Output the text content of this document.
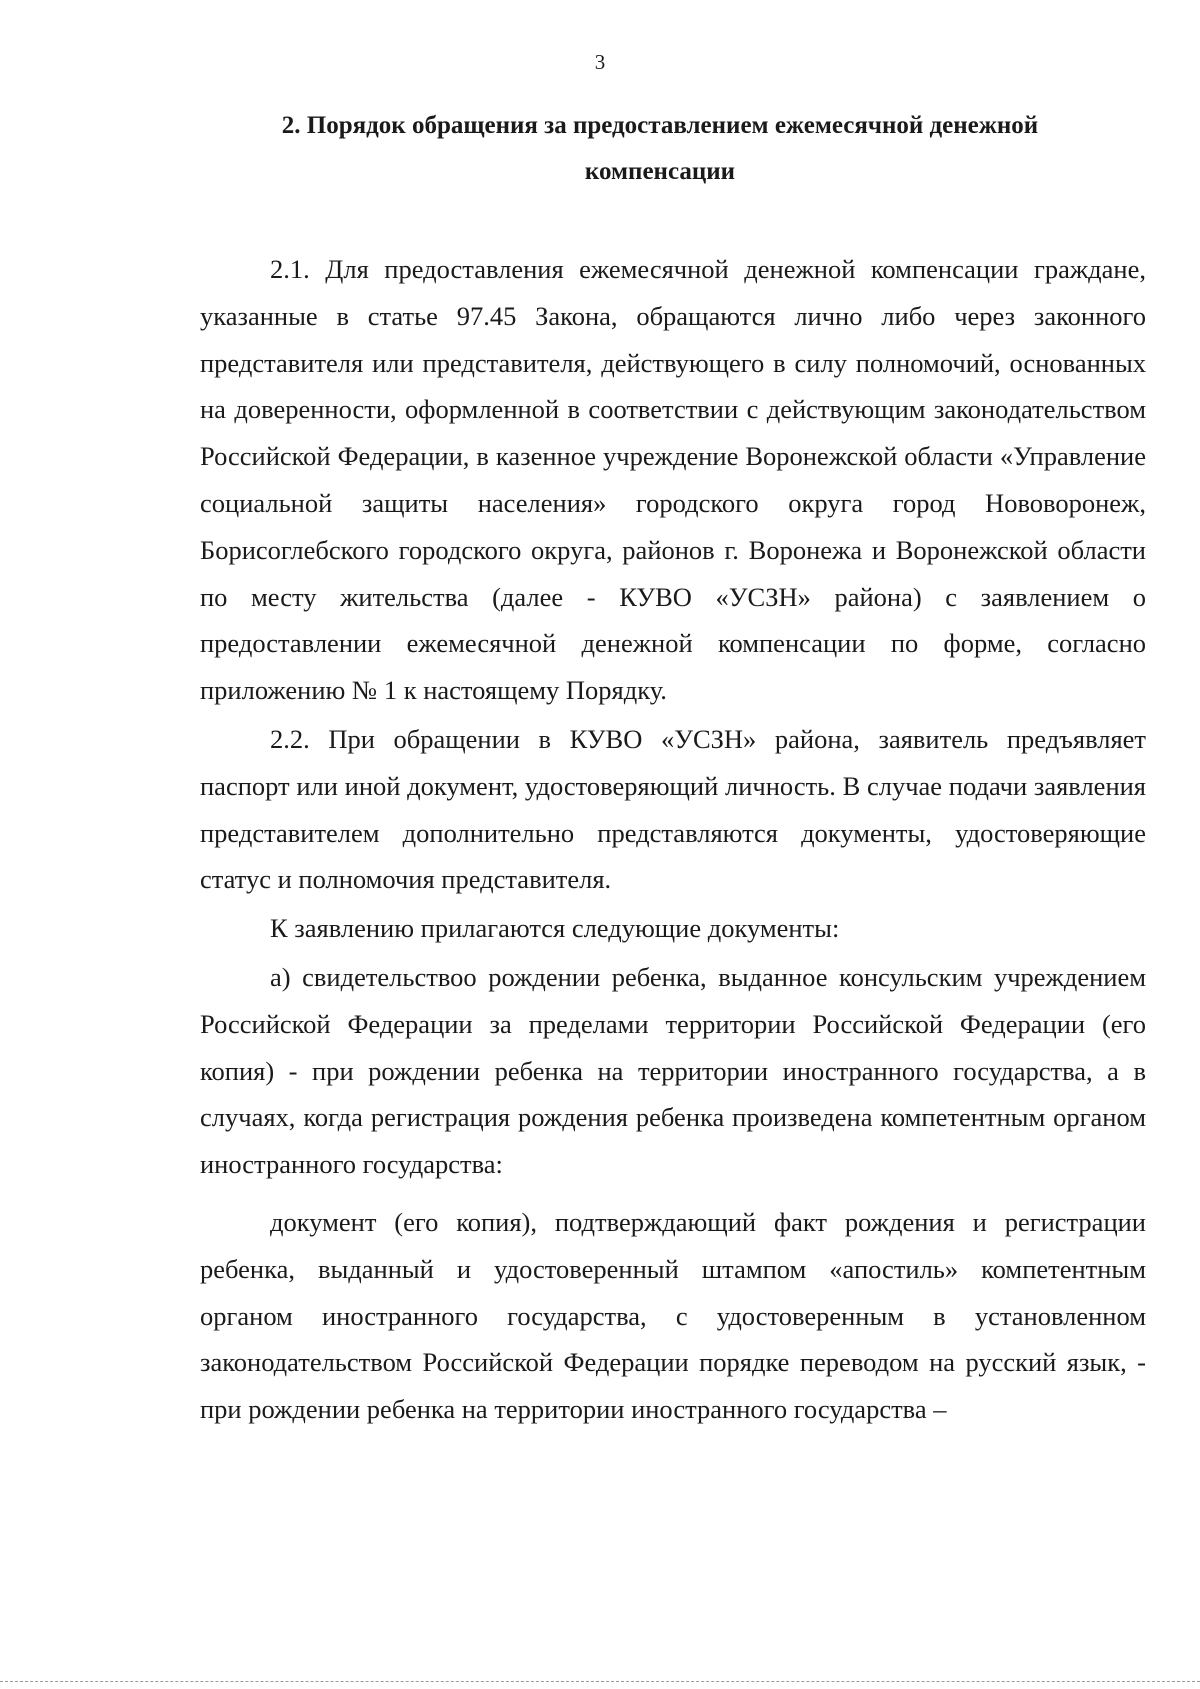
3
2. Порядок обращения за предоставлением ежемесячной денежной компенсации

2.1. Для предоставления ежемесячной денежной компенсации граждане, указанные в статье 97.45 Закона, обращаются лично либо через законного представителя или представителя, действующего в силу полномочий, основанных на доверенности, оформленной в соответствии с действующим законодательством Российской Федерации, в казенное учреждение Воронежской области «Управление социальной защиты населения» городского округа город Нововоронеж, Борисоглебского городского округа, районов г. Воронежа и Воронежской области по месту жительства (далее - КУВО «УСЗН» района) с заявлением о предоставлении ежемесячной денежной компенсации по форме, согласно приложению № 1 к настоящему Порядку.

2.2. При обращении в КУВО «УСЗН» района, заявитель предъявляет паспорт или иной документ, удостоверяющий личность. В случае подачи заявления представителем дополнительно представляются документы, удостоверяющие статус и полномочия представителя.

К заявлению прилагаются следующие документы:

а) свидетельствоо рождении ребенка, выданное консульским учреждением Российской Федерации за пределами территории Российской Федерации (его копия) - при рождении ребенка на территории иностранного государства, а в случаях, когда регистрация рождения ребенка произведена компетентным органом иностранного государства:

документ (его копия), подтверждающий факт рождения и регистрации ребенка, выданный и удостоверенный штампом «апостиль» компетентным органом иностранного государства, с удостоверенным в установленном законодательством Российской Федерации порядке переводом на русский язык, - при рождении ребенка на территории иностранного государства –
